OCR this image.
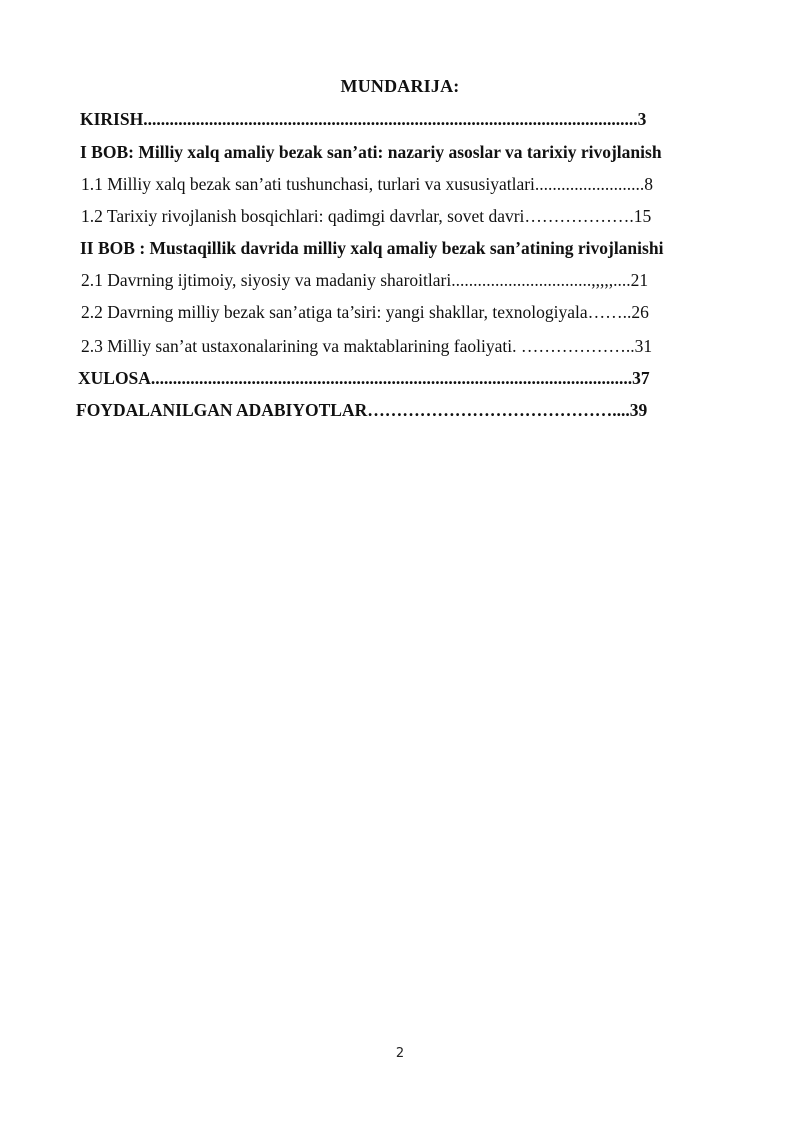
MUNDARIJA:
KIRISH.................................................................................................................3
I BOB: Milliy xalq amaliy bezak san’ati: nazariy asoslar va tarixiy rivojlanish
1.1 Milliy xalq bezak san’ati tushunchasi, turlari va xususiyatlari.........................8
1.2 Tarixiy rivojlanish bosqichlari: qadimgi davrlar, sovet davri……………….15
II BOB : Mustaqillik davrida milliy xalq amaliy bezak san’atining rivojlanishi
2.1 Davrning ijtimoiy, siyosiy va madaniy sharoitlari................................,,,,,....21
2.2 Davrning milliy bezak san’atiga ta’siri: yangi shakllar, texnologiyala……..26
2.3 Milliy san’at ustaxonalarining va maktablarining faoliyati. ………………..31
XULOSA..............................................................................................................37
FOYDALANILGAN ADABIYOTLAR……………………………………....39
2
